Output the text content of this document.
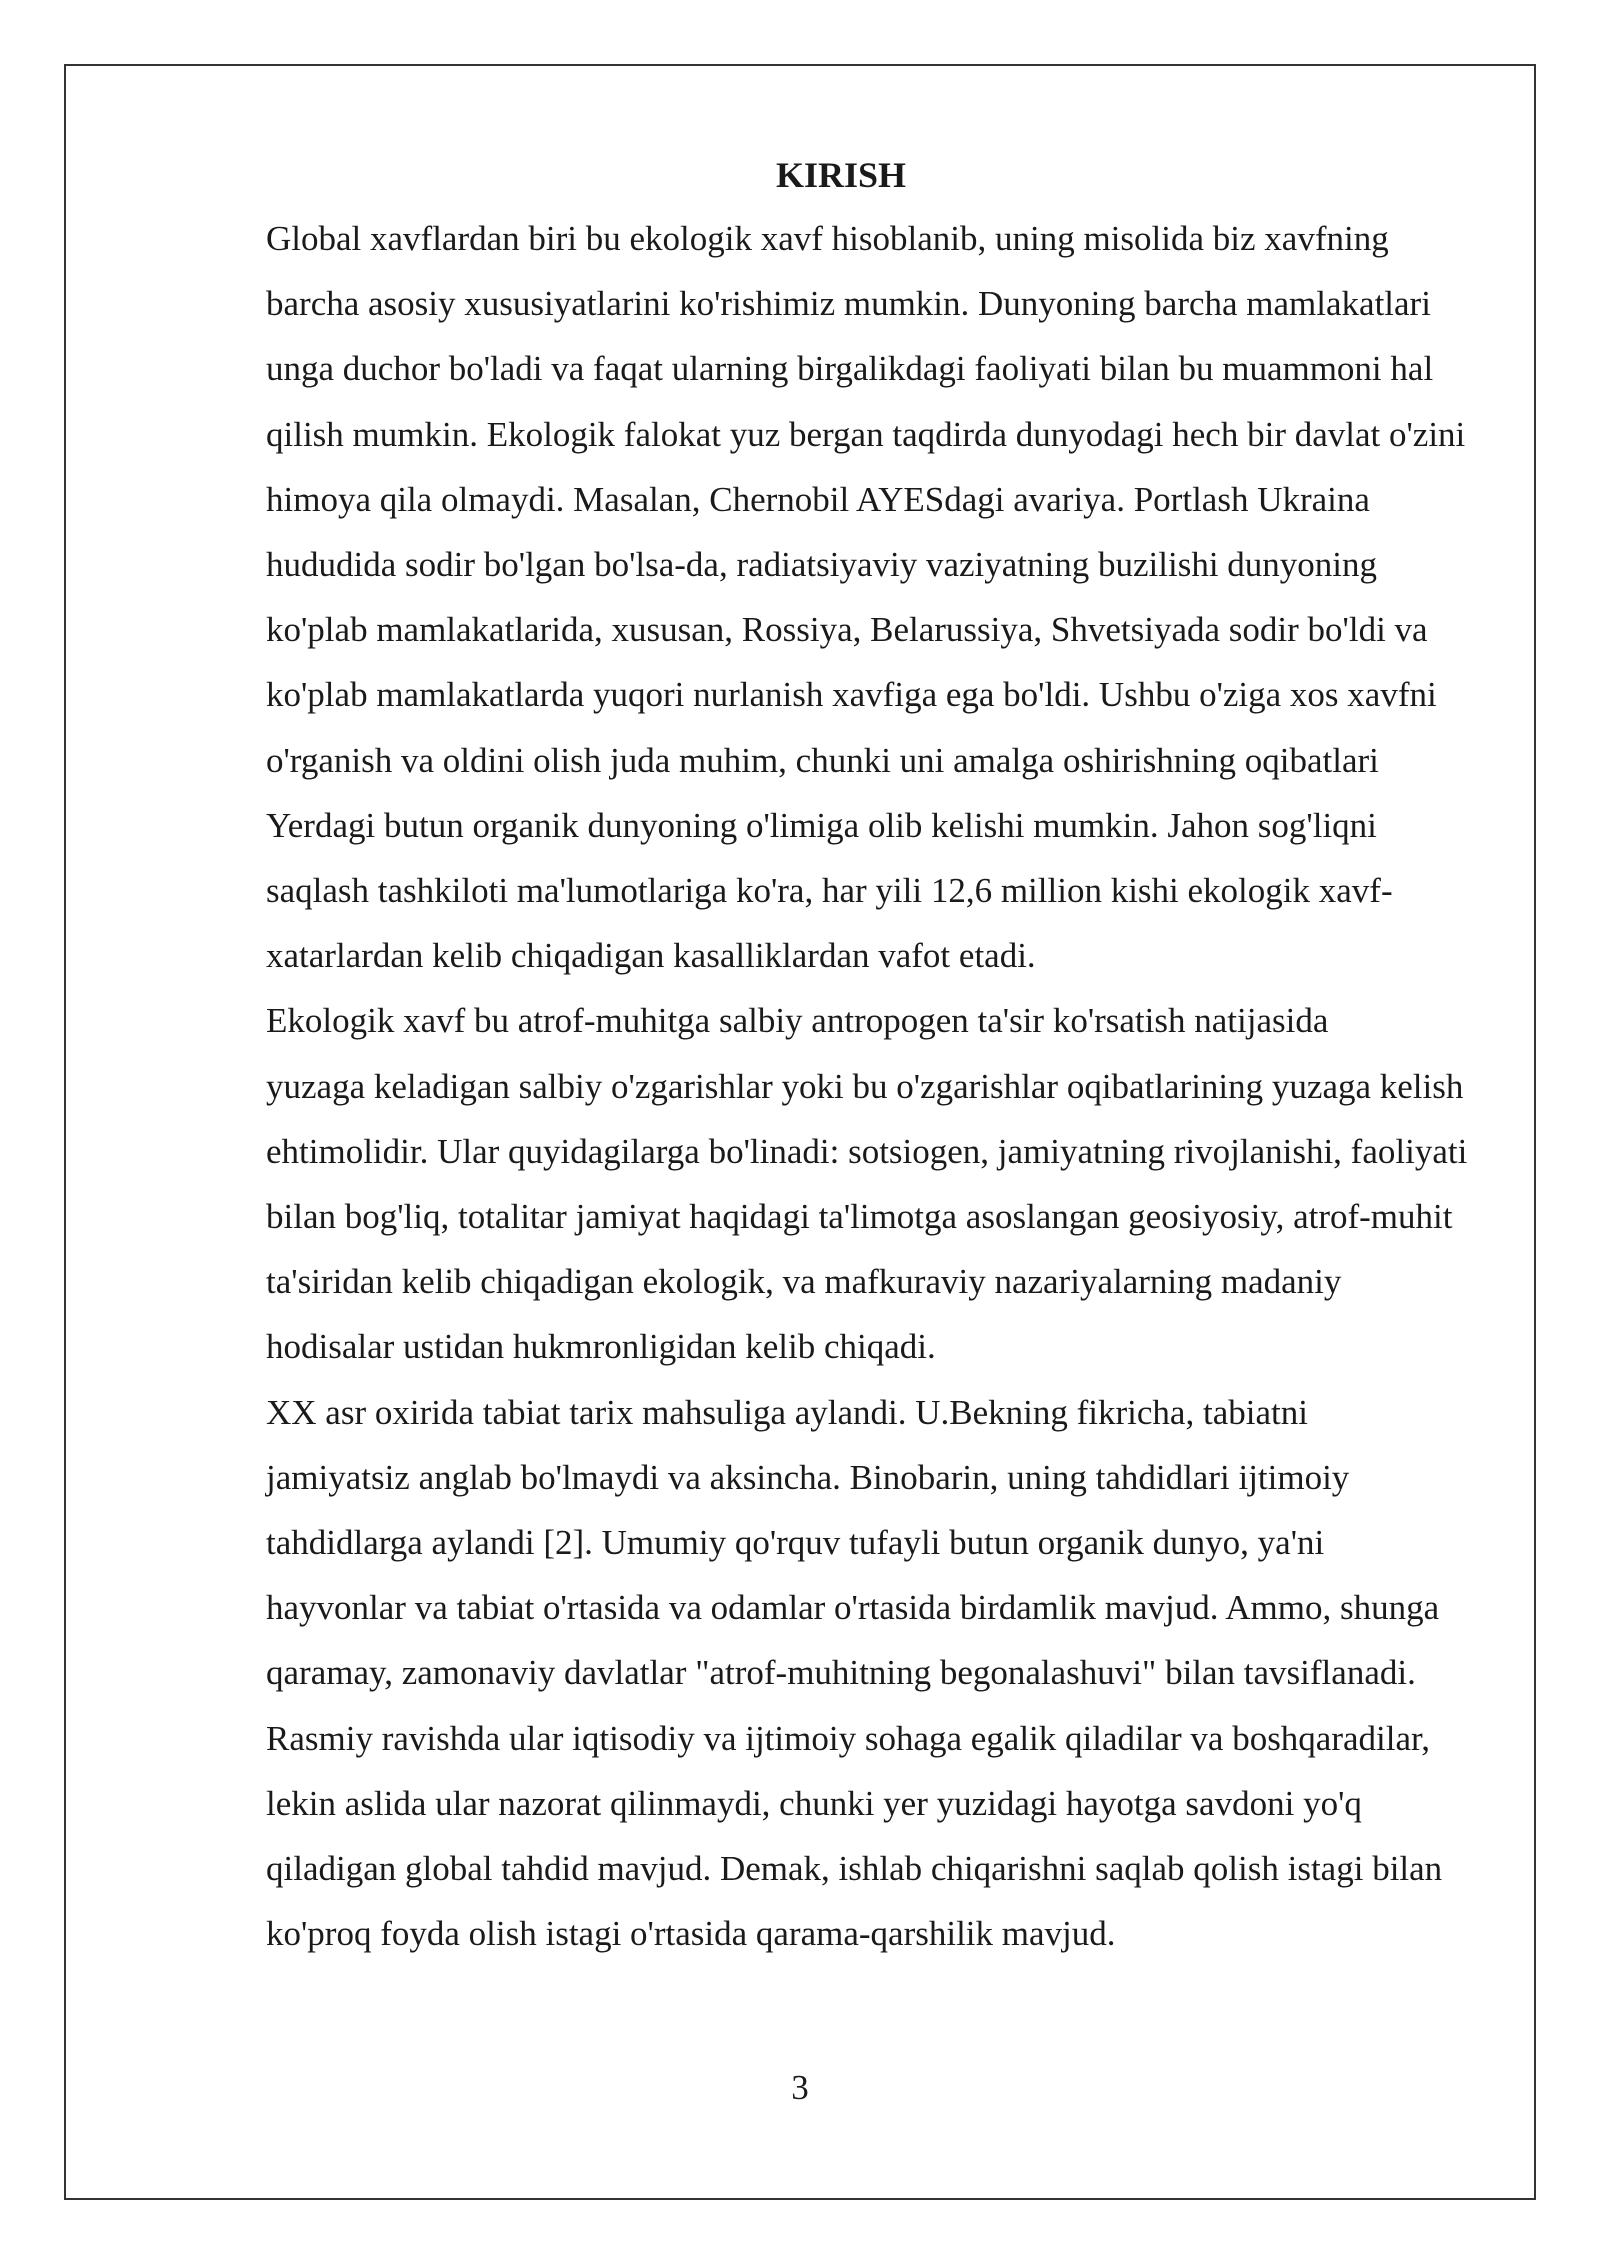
KIRISH

Global xavflardan biri bu ekologik xavf hisoblanib, uning misolida biz xavfning
barcha asosiy xususiyatlarini ko'rishimiz mumkin. Dunyoning barcha mamlakatlari
unga duchor bo'ladi va faqat ularning birgalikdagi faoliyati bilan bu muammoni hal
qilish mumkin. Ekologik falokat yuz bergan taqdirda dunyodagi hech bir davlat o'zini
himoya qila olmaydi. Masalan, Chernobil AYESdagi avariya. Portlash Ukraina
hududida sodir bo'lgan bo'lsa-da, radiatsiyaviy vaziyatning buzilishi dunyoning
ko'plab mamlakatlarida, xususan, Rossiya, Belarussiya, Shvetsiyada sodir bo'ldi va
ko'plab mamlakatlarda yuqori nurlanish xavfiga ega bo'ldi. Ushbu o'ziga xos xavfni
o'rganish va oldini olish juda muhim, chunki uni amalga oshirishning oqibatlari
Yerdagi butun organik dunyoning o'limiga olib kelishi mumkin. Jahon sog'liqni
saqlash tashkiloti ma'lumotlariga ko'ra, har yili 12,6 million kishi ekologik xavf-
xatarlardan kelib chiqadigan kasalliklardan vafot etadi.

Ekologik xavf bu atrof-muhitga salbiy antropogen ta'sir ko'rsatish natijasida
yuzaga keladigan salbiy o'zgarishlar yoki bu o'zgarishlar oqibatlarining yuzaga kelish
ehtimolidir. Ular quyidagilarga bo'linadi: sotsiogen, jamiyatning rivojlanishi, faoliyati
bilan bog'liq, totalitar jamiyat haqidagi ta'limotga asoslangan geosiyosiy, atrof-muhit
ta'siridan kelib chiqadigan ekologik, va mafkuraviy nazariyalarning madaniy
hodisalar ustidan hukmronligidan kelib chiqadi.

XX asr oxirida tabiat tarix mahsuliga aylandi. U.Bekning fikricha, tabiatni
jamiyatsiz anglab bo'lmaydi va aksincha. Binobarin, uning tahdidlari ijtimoiy
tahdidlarga aylandi [2]. Umumiy qo'rquv tufayli butun organik dunyo, ya'ni
hayvonlar va tabiat o'rtasida va odamlar o'rtasida birdamlik mavjud. Ammo, shunga
qaramay, zamonaviy davlatlar "atrof-muhitning begonalashuvi" bilan tavsiflanadi.
Rasmiy ravishda ular iqtisodiy va ijtimoiy sohaga egalik qiladilar va boshqaradilar,
lekin aslida ular nazorat qilinmaydi, chunki yer yuzidagi hayotga savdoni yo'q
qiladigan global tahdid mavjud. Demak, ishlab chiqarishni saqlab qolish istagi bilan
ko'proq foyda olish istagi o'rtasida qarama-qarshilik mavjud.

3
